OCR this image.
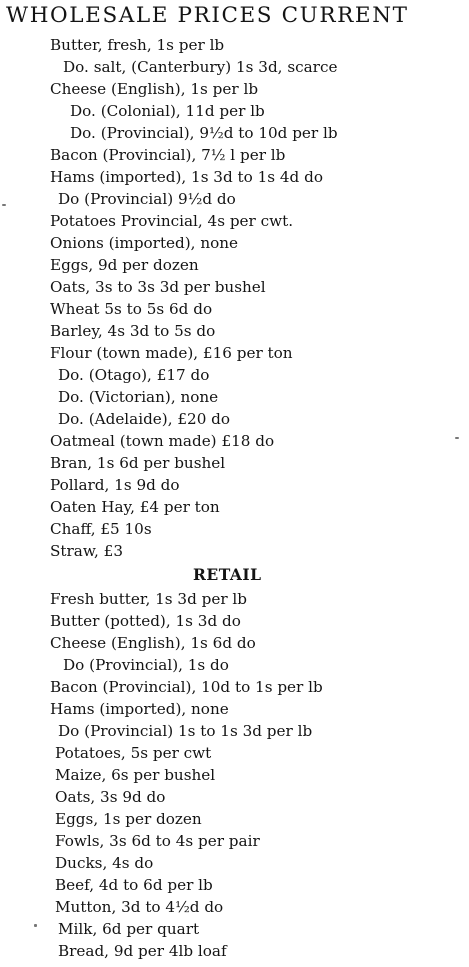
WHOLESALE PRICES CURRENT
Butter, fresh, 1s per lb
Do. salt, (Canterbury) 1s 3d, scarce
Cheese (English), 1s per lb
Do. (Colonial), 11d per lb
Do. (Provincial), 9½d to 10d per lb
Bacon (Provincial), 7½ l per lb
Hams (imported), 1s 3d to 1s 4d do
Do (Provincial) 9½d do
Potatoes Provincial, 4s per cwt.
Onions (imported), none
Eggs, 9d per dozen
Oats, 3s to 3s 3d per bushel
Wheat 5s to 5s 6d do
Barley, 4s 3d to 5s do
Flour (town made), £16 per ton
Do. (Otago), £17 do
Do. (Victorian), none
Do. (Adelaide), £20 do
Oatmeal (town made) £18 do
Bran, 1s 6d per bushel
Pollard, 1s 9d do
Oaten Hay, £4 per ton
Chaff, £5 10s
Straw, £3
RETAIL
Fresh butter, 1s 3d per lb
Butter (potted), 1s 3d do
Cheese (English), 1s 6d do
Do (Provincial), 1s do
Bacon (Provincial), 10d to 1s per lb
Hams (imported), none
Do (Provincial) 1s to 1s 3d per lb
Potatoes, 5s per cwt
Maize, 6s per bushel
Oats, 3s 9d do
Eggs, 1s per dozen
Fowls, 3s 6d to 4s per pair
Ducks, 4s do
Beef, 4d to 6d per lb
Mutton, 3d to 4½d do
Milk, 6d per quart
Bread, 9d per 4lb loaf
